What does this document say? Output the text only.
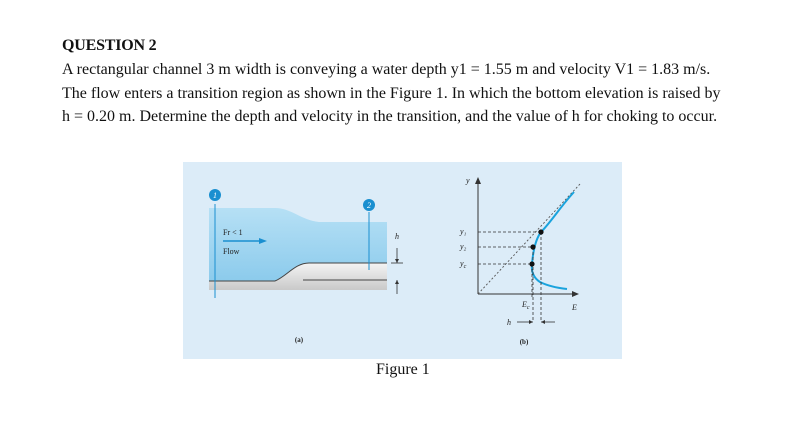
QUESTION 2
A rectangular channel 3 m width is conveying a water depth y1 = 1.55 m and velocity V1 = 1.83 m/s.
The flow enters a transition region as shown in the Figure 1. In which the bottom elevation is raised by
h = 0.20 m. Determine the depth and velocity in the transition, and the value of h for choking to occur.
1
2
Fr < 1
Flow
h
(a)
y
E
y₁
y₂
$y_c$
$E_c$
h
(b)
Figure 1
